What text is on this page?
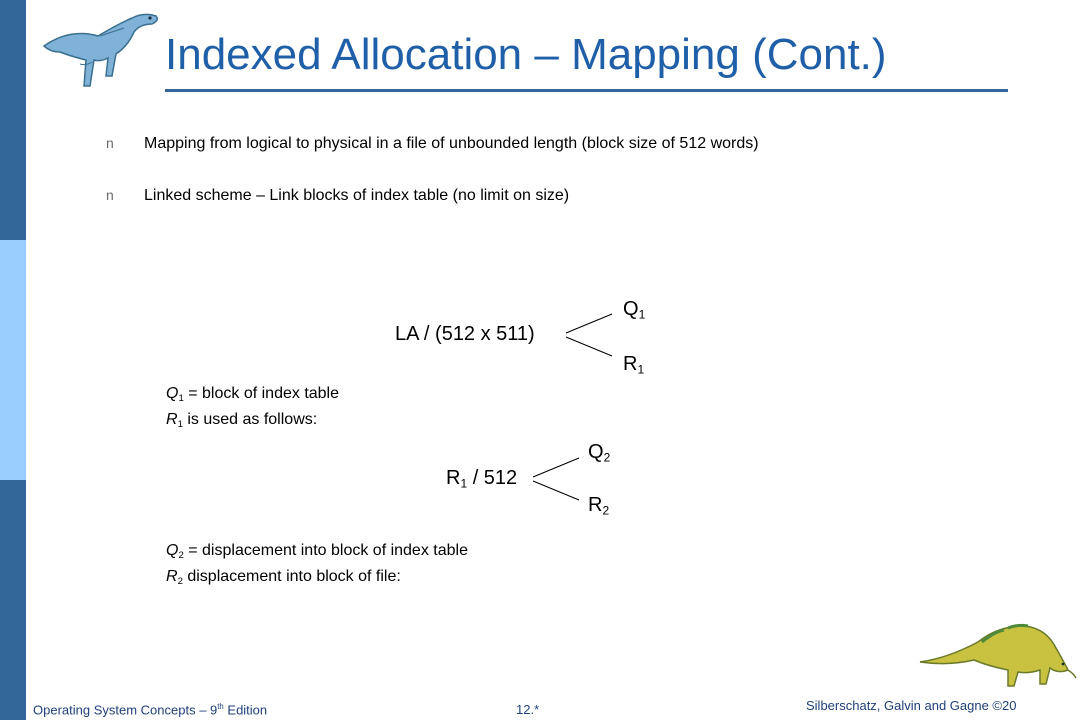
Indexed Allocation – Mapping (Cont.)
n Mapping from logical to physical in a file of unbounded length (block size of 512 words)
n Linked scheme – Link blocks of index table (no limit on size)
LA / (512 x 511)
$Q_1$
$R_1$
$Q_1$ = block of index table
$R_1$ is used as follows:
$R_1 / 512$
$Q_2$
$R_2$
$Q_2$ = displacement into block of index table
$R_2$ displacement into block of file:
Operating System Concepts – 9th Edition	12.*	Silberschatz, Galvin and Gagne ©20
